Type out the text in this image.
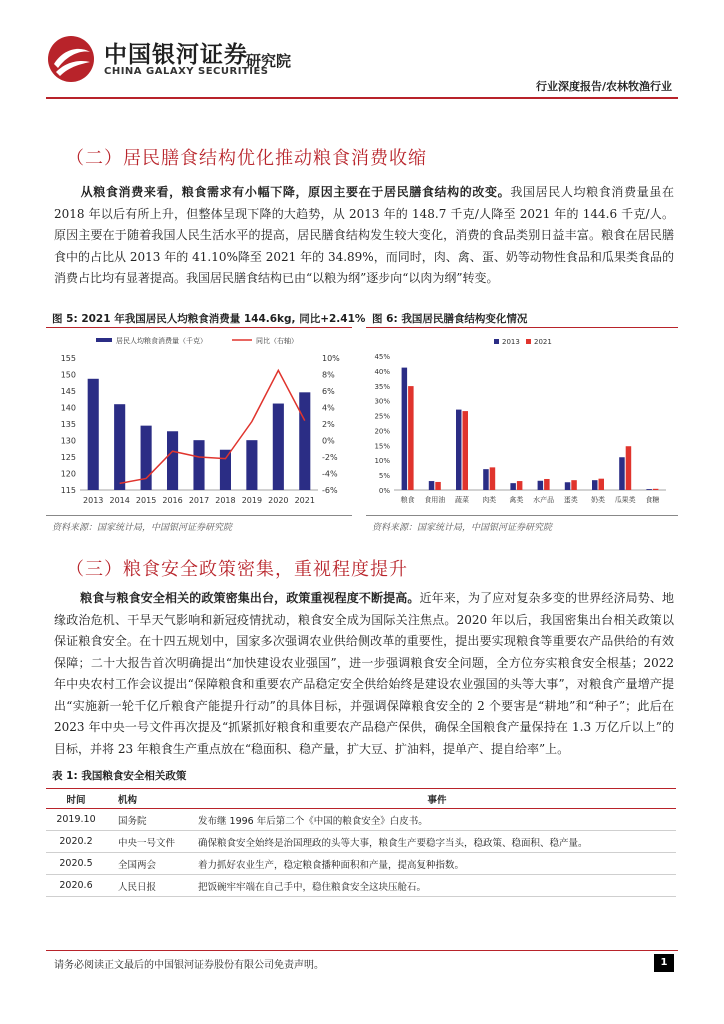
中国银河证券
CHINA GALAXY SECURITIES
研究院
行业深度报告/农林牧渔行业
（二）居民膳食结构优化推动粮食消费收缩
从粮食消费来看，粮食需求有小幅下降，原因主要在于居民膳食结构的改变。我国居民人均粮食消费量虽在 2018 年以后有所上升，但整体呈现下降的大趋势，从 2013 年的 148.7 千克/人降至 2021 年的 144.6 千克/人。原因主要在于随着我国人民生活水平的提高，居民膳食结构发生较大变化，消费的食品类别日益丰富。粮食在居民膳食中的占比从 2013 年的 41.10%降至 2021 年的 34.89%，而同时，肉、禽、蛋、奶等动物性食品和瓜果类食品的消费占比均有显著提高。我国居民膳食结构已由“以粮为纲”逐步向“以肉为纲”转变。
图 5: 2021 年我国居民人均粮食消费量 144.6kg, 同比+2.41%
居民人均粮食消费量（千克）	同比（右轴）
115
120
125
130
135
140
145
150
155
-6%
-4%
-2%
0%
2%
4%
6%
8%
10%
2013 2014 2015 2016 2017 2018 2019 2020 2021
资料来源：国家统计局，中国银河证券研究院
图 6: 我国居民膳食结构变化情况
2013 2021
0%
5%
10%
15%
20%
25%
30%
35%
40%
45%
粮食 食用油 蔬菜 肉类 禽类 水产品 蛋类 奶类 瓜果类 食糖
资料来源：国家统计局，中国银河证券研究院
（三）粮食安全政策密集，重视程度提升
粮食与粮食安全相关的政策密集出台，政策重视程度不断提高。近年来，为了应对复杂多变的世界经济局势、地缘政治危机、干旱天气影响和新冠疫情扰动，粮食安全成为国际关注焦点。2020 年以后，我国密集出台相关政策以保证粮食安全。在十四五规划中，国家多次强调农业供给侧改革的重要性，提出要实现粮食等重要农产品供给的有效保障；二十大报告首次明确提出“加快建设农业强国”，进一步强调粮食安全问题，全方位夯实粮食安全根基；2022 年中央农村工作会议提出“保障粮食和重要农产品稳定安全供给始终是建设农业强国的头等大事”，对粮食产量增产提出“实施新一轮千亿斤粮食产能提升行动”的具体目标，并强调保障粮食安全的 2 个要害是“耕地”和“种子”；此后在 2023 年中央一号文件再次提及“抓紧抓好粮食和重要农产品稳产保供，确保全国粮食产量保持在 1.3 万亿斤以上”的目标，并将 23 年粮食生产重点放在“稳面积、稳产量，扩大豆、扩油料，提单产、提自给率”上。
表 1: 我国粮食安全相关政策
时间	机构	事件
2019.10	国务院	发布继 1996 年后第二个《中国的粮食安全》白皮书。
2020.2	中央一号文件	确保粮食安全始终是治国理政的头等大事，粮食生产要稳字当头，稳政策、稳面积、稳产量。
2020.5	全国两会	着力抓好农业生产，稳定粮食播种面积和产量，提高复种指数。
2020.6	人民日报	把饭碗牢牢端在自己手中，稳住粮食安全这块压舱石。
请务必阅读正文最后的中国银河证券股份有限公司免责声明。	1
